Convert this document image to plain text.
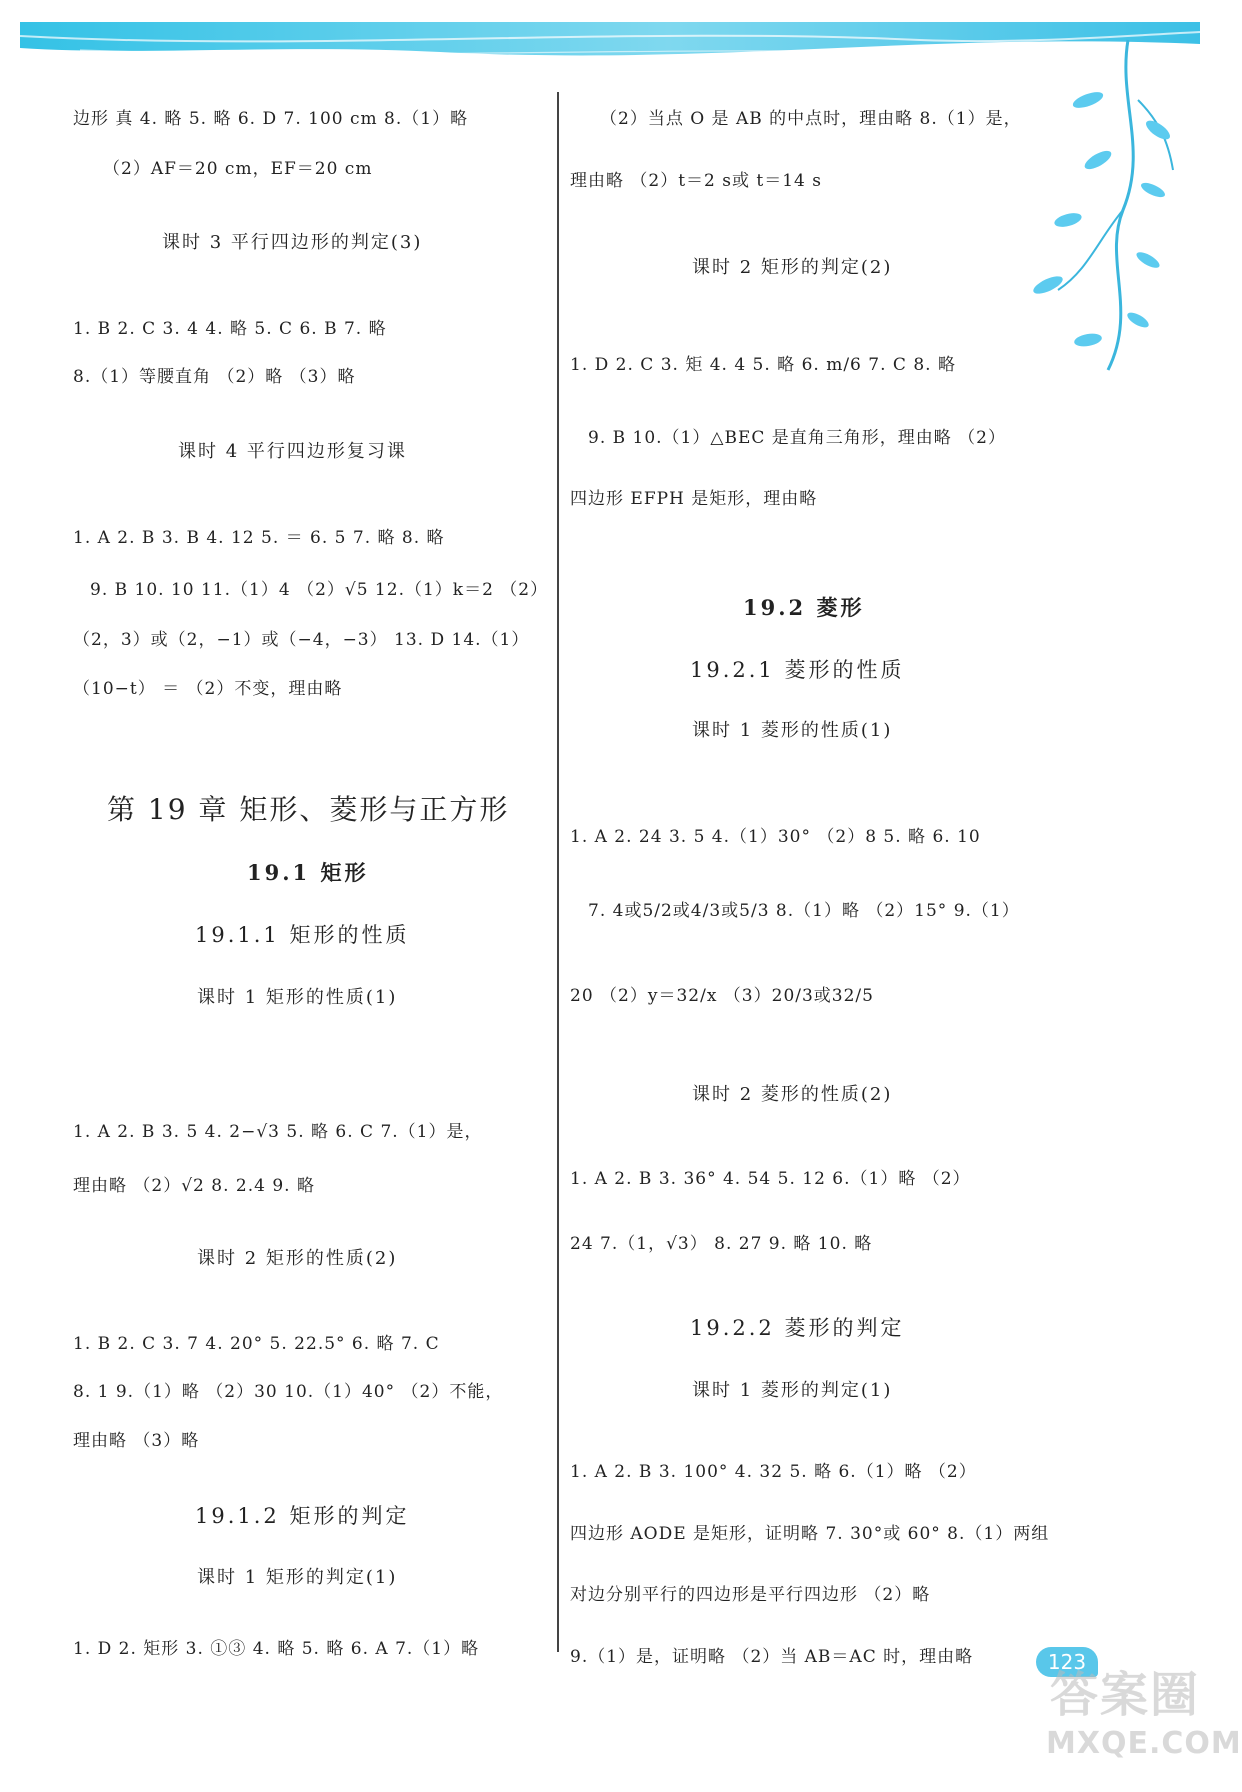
边形 真 4. 略 5. 略 6. D 7. 100 cm 8.（1）略
（2）AF＝20 cm，EF＝20 cm
课时 3 平行四边形的判定(3)
1. B 2. C 3. 4 4. 略 5. C 6. B 7. 略
8.（1）等腰直角 （2）略 （3）略
课时 4 平行四边形复习课
1. A 2. B 3. B 4. 12 5. ＝ 6. 5 7. 略 8. 略
9. B 10. 10 11.（1）4 （2）√5 12.（1）k＝2 （2）
（2，3）或（2，−1）或（−4，−3） 13. D 14.（1）
（10−t） ＝ （2）不变，理由略
第 19 章 矩形、菱形与正方形
19.1 矩形
19.1.1 矩形的性质
课时 1 矩形的性质(1)
1. A 2. B 3. 5 4. 2−√3 5. 略 6. C 7.（1）是，
理由略 （2）√2 8. 2.4 9. 略
课时 2 矩形的性质(2)
1. B 2. C 3. 7 4. 20° 5. 22.5° 6. 略 7. C
8. 1 9.（1）略 （2）30 10.（1）40° （2）不能，
理由略 （3）略
19.1.2 矩形的判定
课时 1 矩形的判定(1)
1. D 2. 矩形 3. ①③ 4. 略 5. 略 6. A 7.（1）略
（2）当点 O 是 AB 的中点时，理由略 8.（1）是，
理由略 （2）t＝2 s或 t＝14 s
课时 2 矩形的判定(2)
1. D 2. C 3. 矩 4. 4 5. 略 6. m/6 7. C 8. 略
9. B 10.（1）△BEC 是直角三角形，理由略 （2）
四边形 EFPH 是矩形，理由略
19.2 菱形
19.2.1 菱形的性质
课时 1 菱形的性质(1)
1. A 2. 24 3. 5 4.（1）30° （2）8 5. 略 6. 10
7. 4或5/2或4/3或5/3 8.（1）略 （2）15° 9.（1）
20 （2）y＝32/x （3）20/3或32/5
课时 2 菱形的性质(2)
1. A 2. B 3. 36° 4. 54 5. 12 6.（1）略 （2）
24 7.（1，√3） 8. 27 9. 略 10. 略
19.2.2 菱形的判定
课时 1 菱形的判定(1)
1. A 2. B 3. 100° 4. 32 5. 略 6.（1）略 （2）
四边形 AODE 是矩形，证明略 7. 30°或 60° 8.（1）两组
对边分别平行的四边形是平行四边形 （2）略
9.（1）是，证明略 （2）当 AB＝AC 时，理由略	123
答案圈
MXQE.COM
